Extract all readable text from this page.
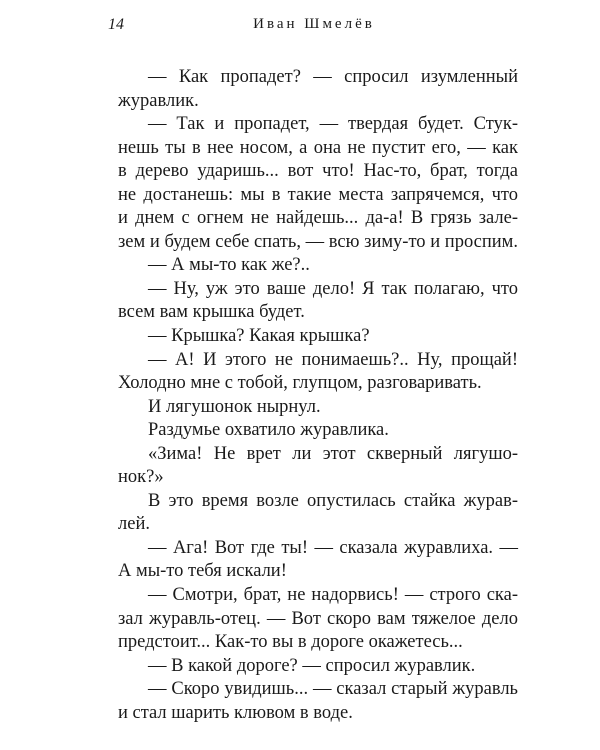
14	Иван Шмелёв
— Как пропадет? — спросил изумленный
журавлик.
— Так и пропадет, — твердая будет. Стук-
нешь ты в нее носом, а она не пустит его, — как
в дерево ударишь... вот что! Нас-то, брат, тогда
не достанешь: мы в такие места запрячемся, что
и днем с огнем не найдешь... да-а! В грязь зале-
зем и будем себе спать, — всю зиму-то и проспим.
— А мы-то как же?..
— Ну, уж это ваше дело! Я так полагаю, что
всем вам крышка будет.
— Крышка? Какая крышка?
— А! И этого не понимаешь?.. Ну, прощай!
Холодно мне с тобой, глупцом, разговаривать.
И лягушонок нырнул.
Раздумье охватило журавлика.
«Зима! Не врет ли этот скверный лягушо-
нок?»
В это время возле опустилась стайка журав-
лей.
— Ага! Вот где ты! — сказала журавлиха. —
А мы-то тебя искали!
— Смотри, брат, не надорвись! — строго ска-
зал журавль-отец. — Вот скоро вам тяжелое дело
предстоит... Как-то вы в дороге окажетесь...
— В какой дороге? — спросил журавлик.
— Скоро увидишь... — сказал старый журавль
и стал шарить клювом в воде.
